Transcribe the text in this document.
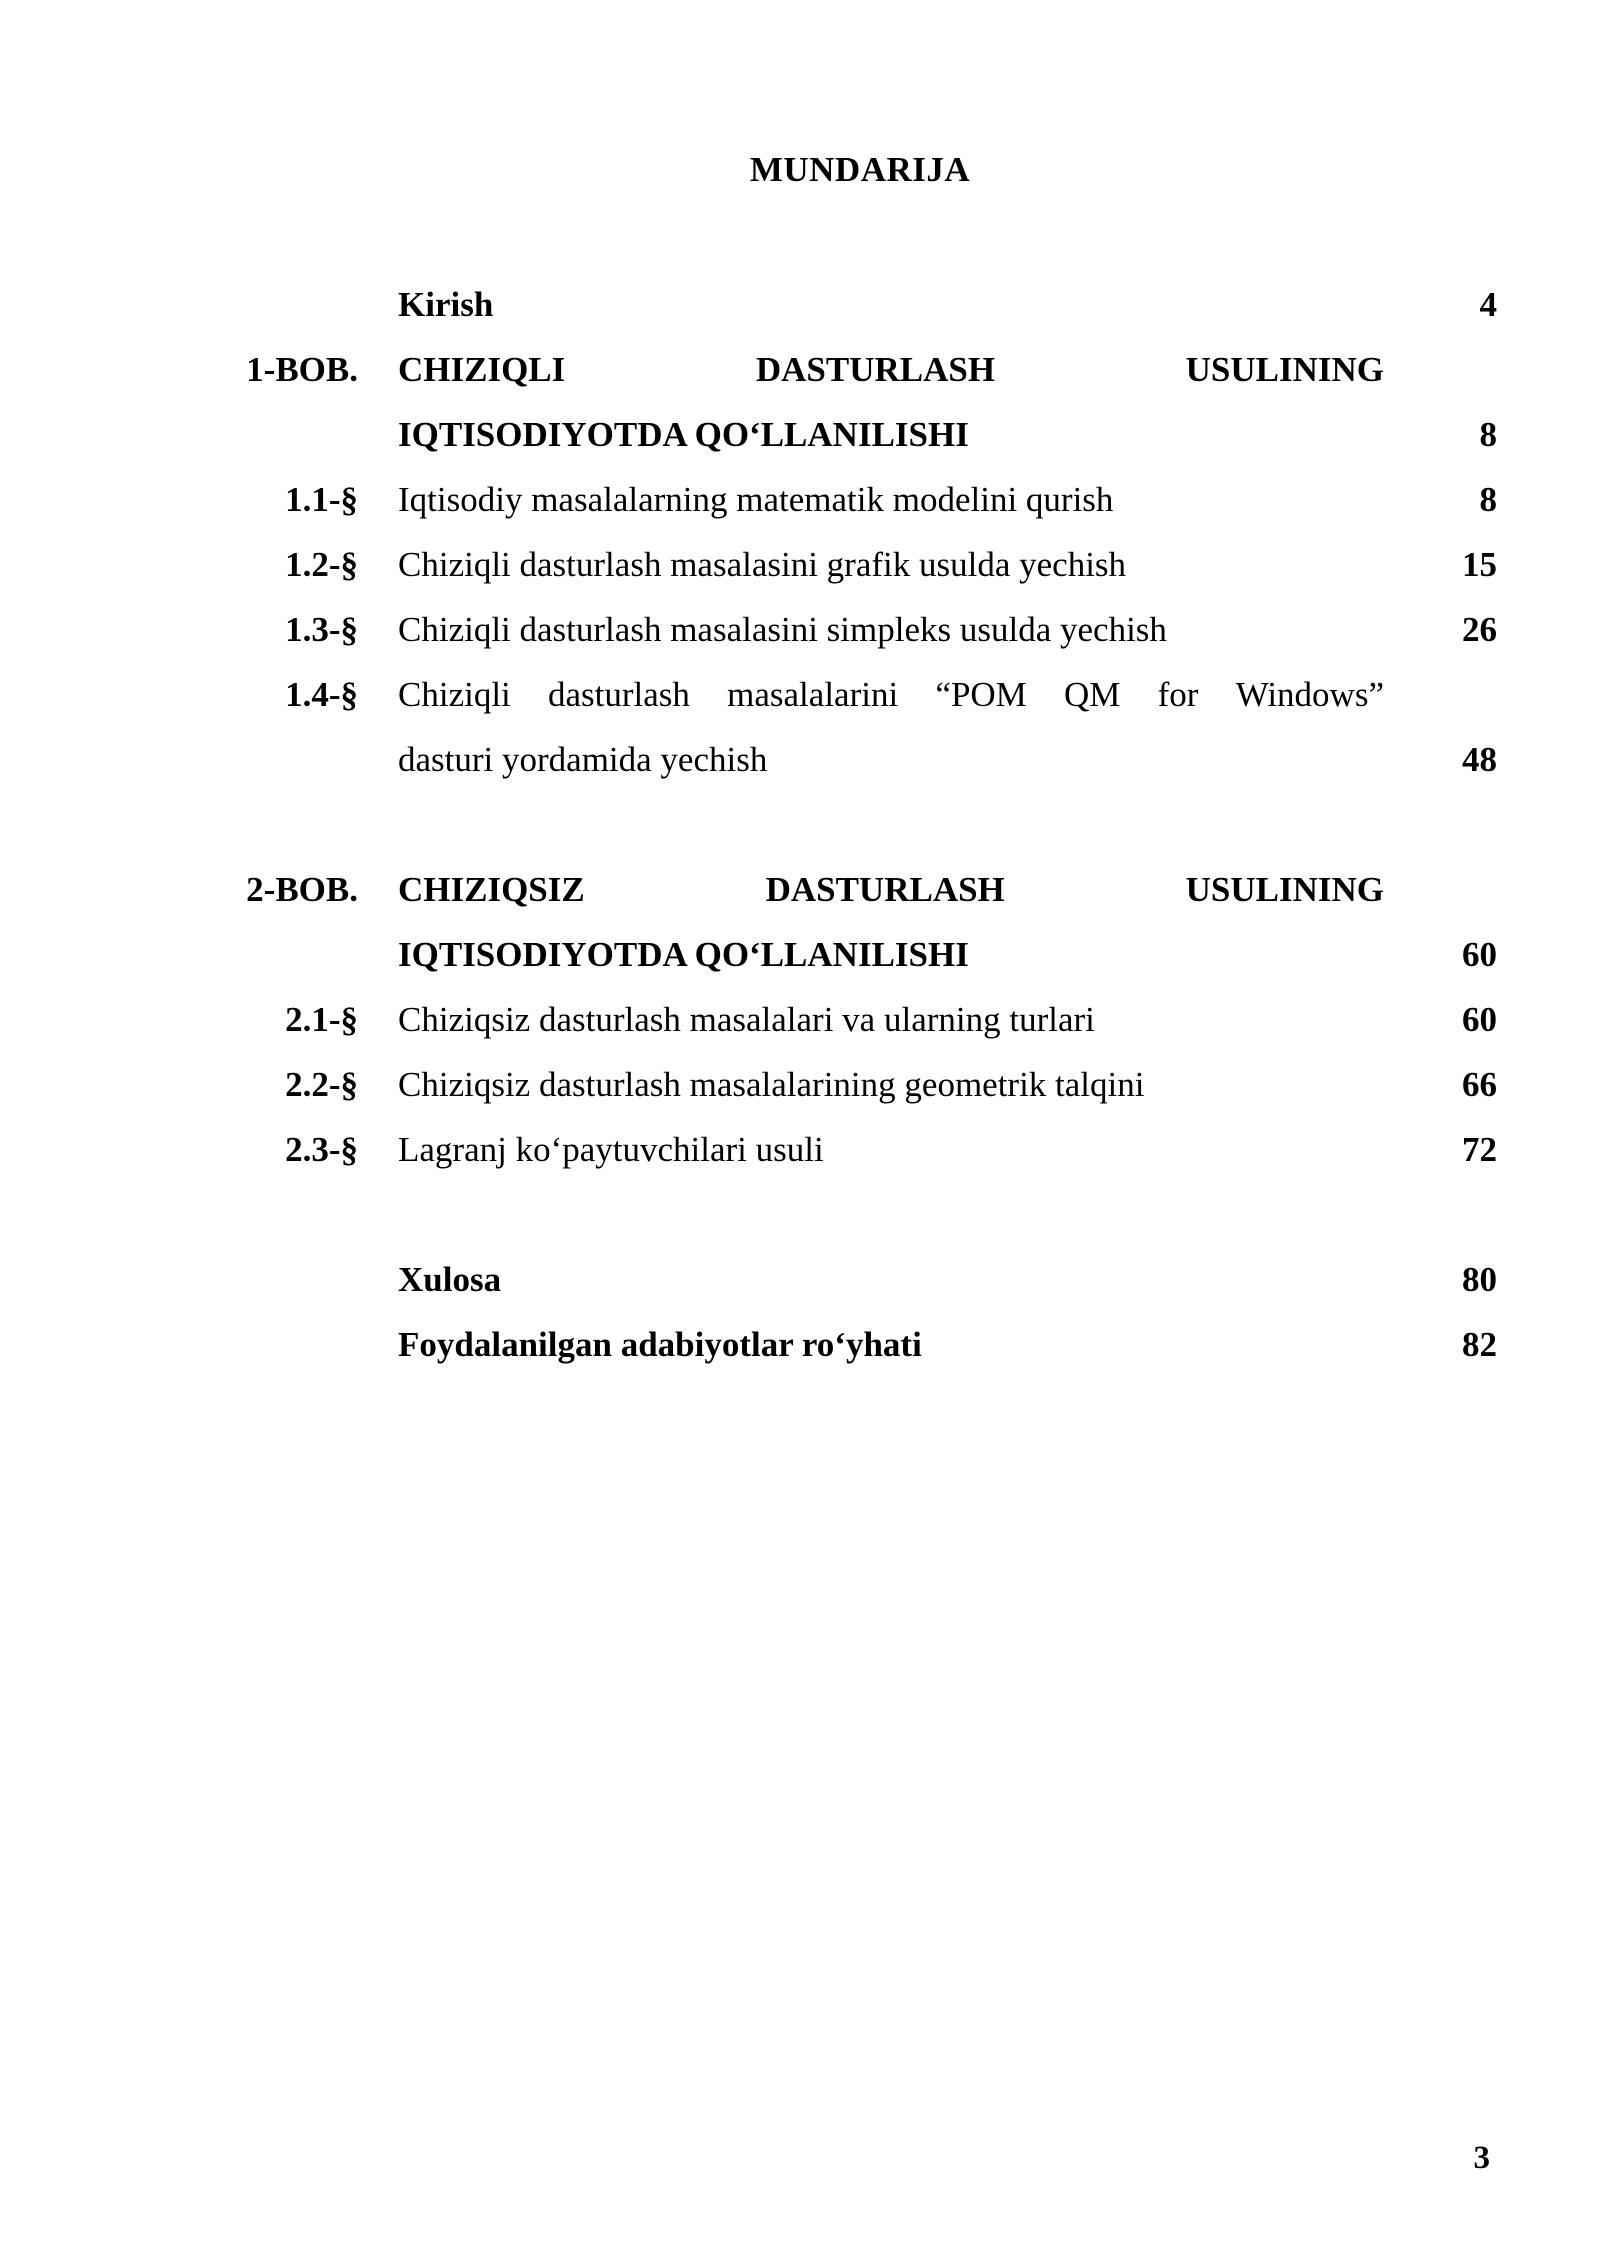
MUNDARIJA
Kirish	4
1-BOB. CHIZIQLI	DASTURLASH	USULINING
IQTISODIYOTDA QO‘LLANILISHI	8
1.1-§ Iqtisodiy masalalarning matematik modelini qurish	8
1.2-§ Chiziqli dasturlash masalasini grafik usulda yechish	15
1.3-§ Chiziqli dasturlash masalasini simpleks usulda yechish	26
1.4-§ Chiziqli dasturlash masalalarini “POM QM for Windows”
dasturi yordamida yechish	48
2-BOB. CHIZIQSIZ	DASTURLASH	USULINING
IQTISODIYOTDA QO‘LLANILISHI	60
2.1-§ Chiziqsiz dasturlash masalalari va ularning turlari	60
2.2-§ Chiziqsiz dasturlash masalalarining geometrik talqini	66
2.3-§ Lagranj ko‘paytuvchilari usuli	72
Xulosa	80
Foydalanilgan adabiyotlar ro‘yhati	82
3
